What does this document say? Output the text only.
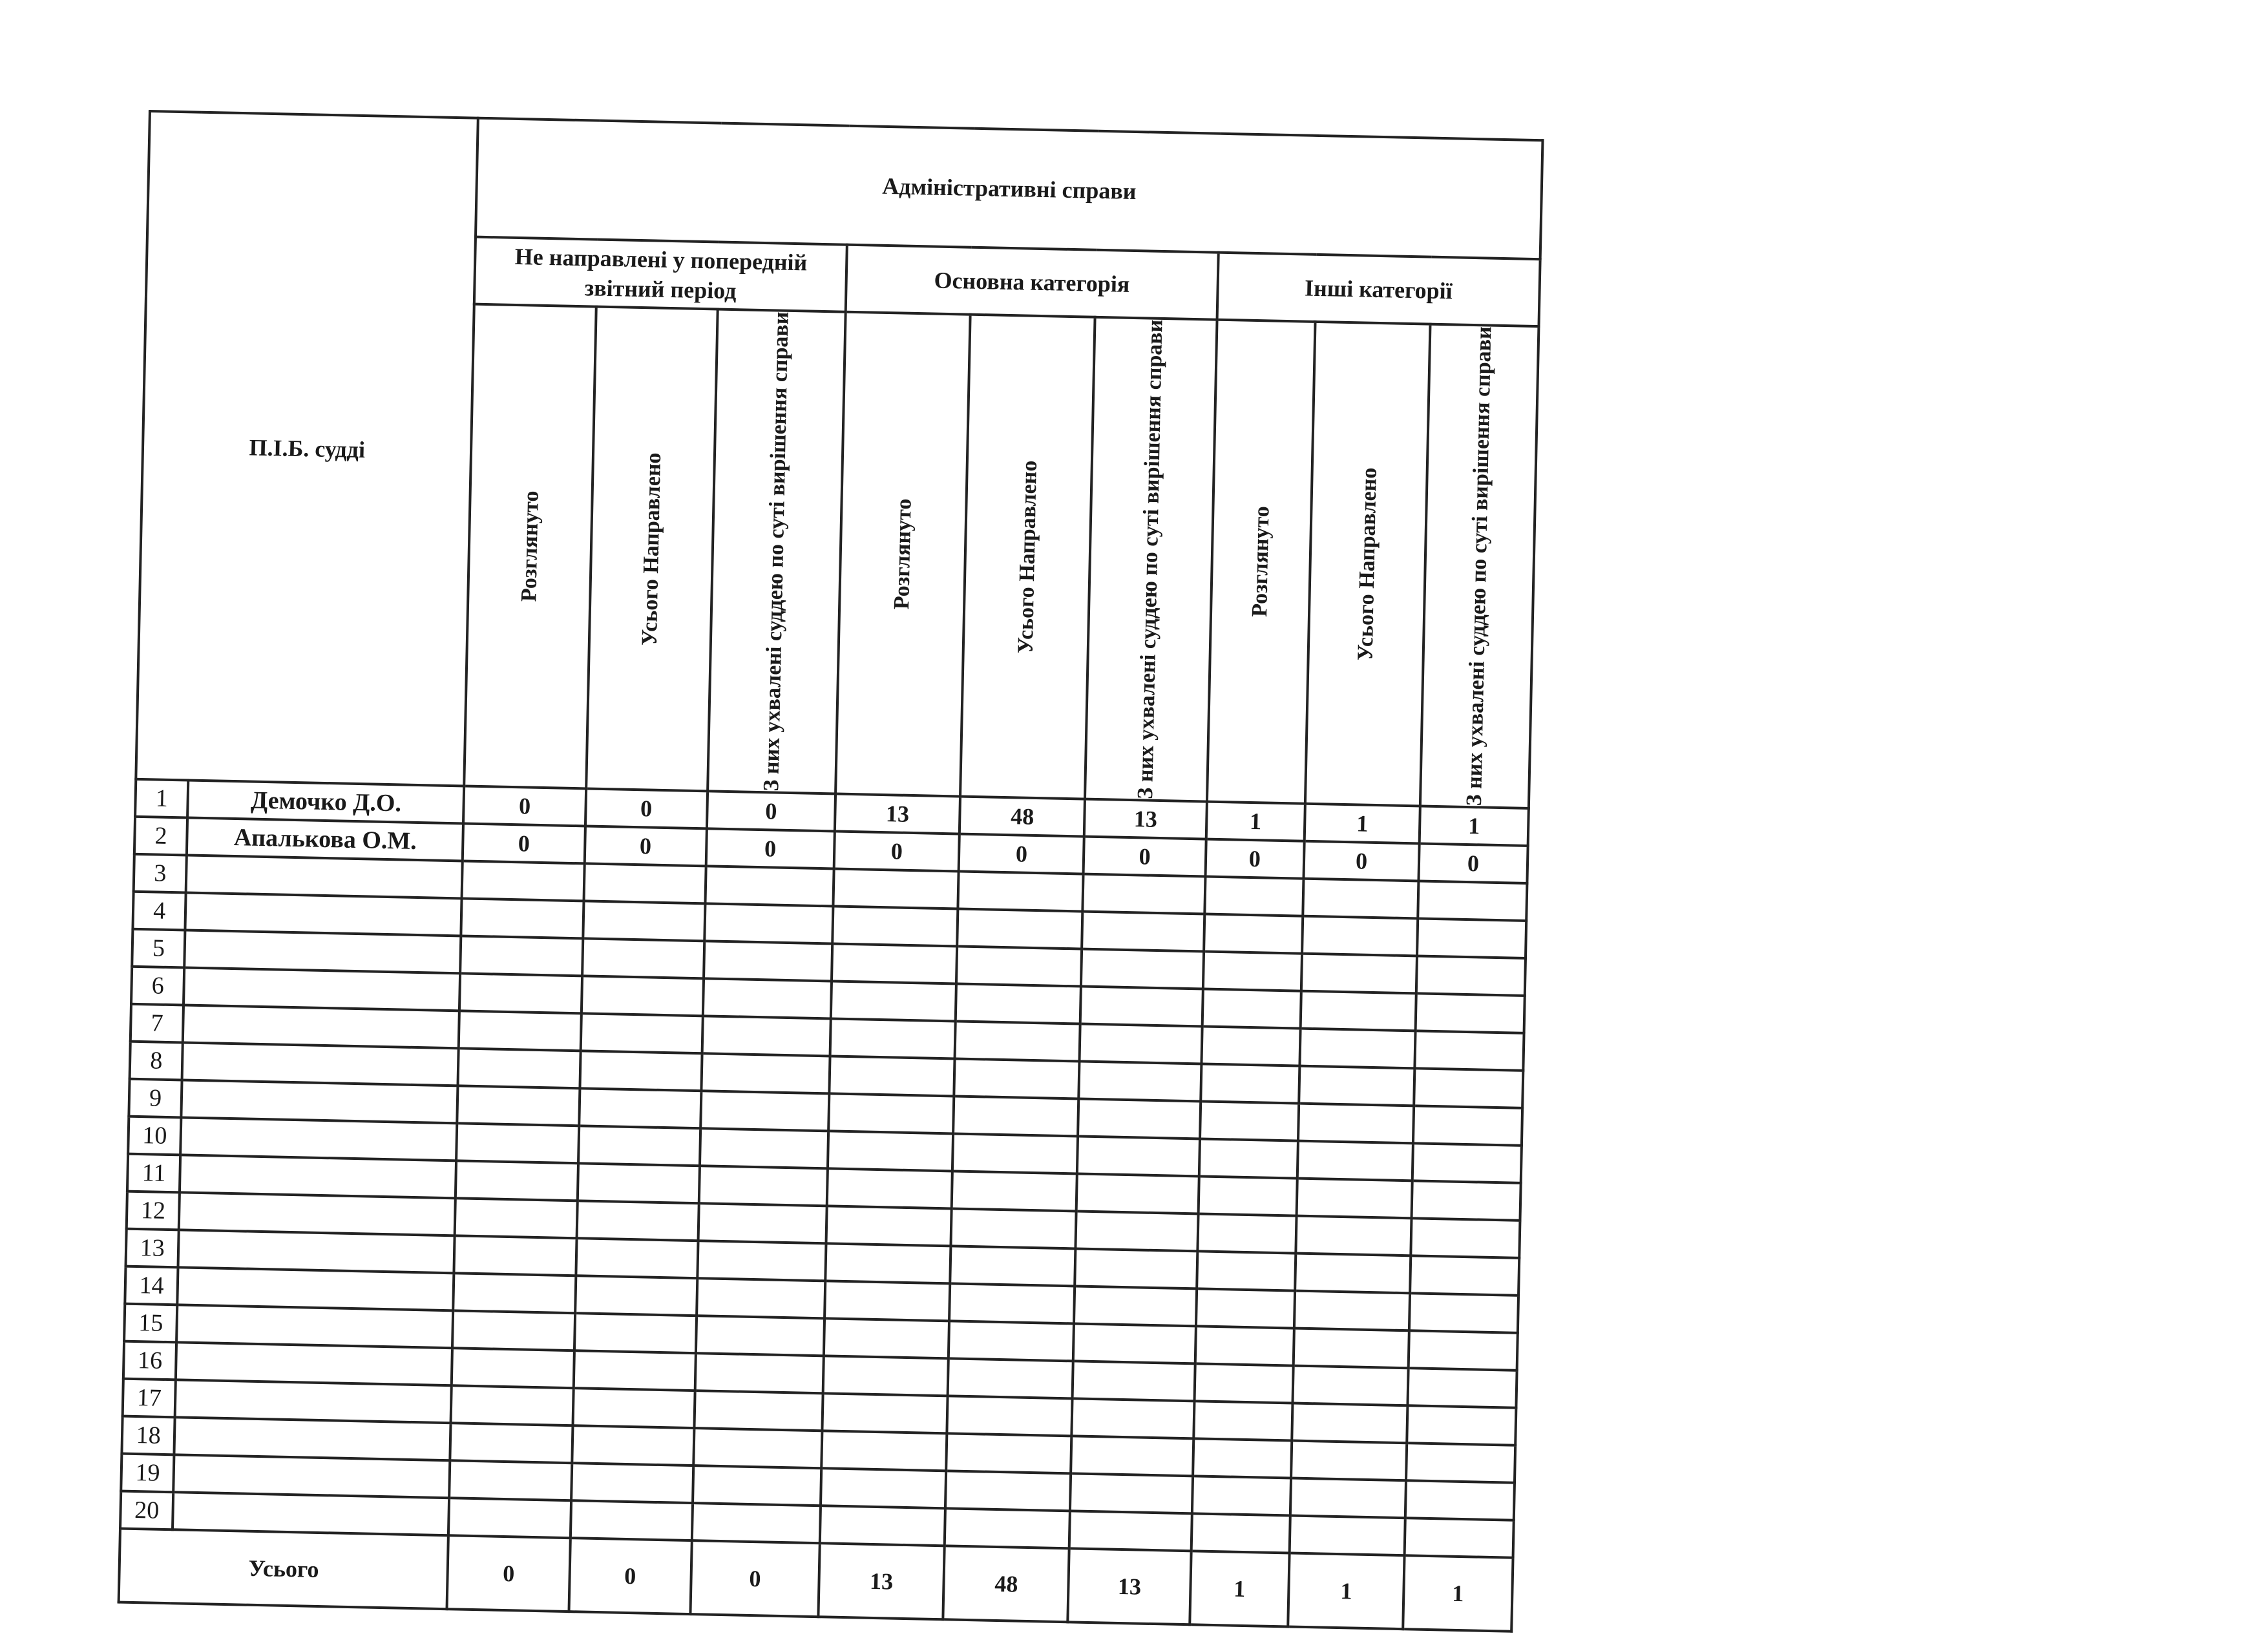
П.І.Б. судді		Адміністративні справи								
		Не направлені у попередній звітний період			Основна категорія			Інші категорії		

		Розглянуто	Усього Направлено	З них ухвалені суддею по суті вирішення справи	Розглянуто	Усього Направлено	З них ухвалені суддею по суті вирішення справи	Розглянуто	Усього Направлено	З них ухвалені суддею по суті вирішення справи

1	Демочко Д.О.	0	0	0	13	48	13	1	1	1
2	Апалькова О.М.	0	0	0	0	0	0	0	0	0
3										
4										
5										
6										
7										
8										
9										
10										
11										
12										
13										
14										
15										
16										
17										
18										
19										
20										
Усього		0	0	0	13	48	13	1	1	1
